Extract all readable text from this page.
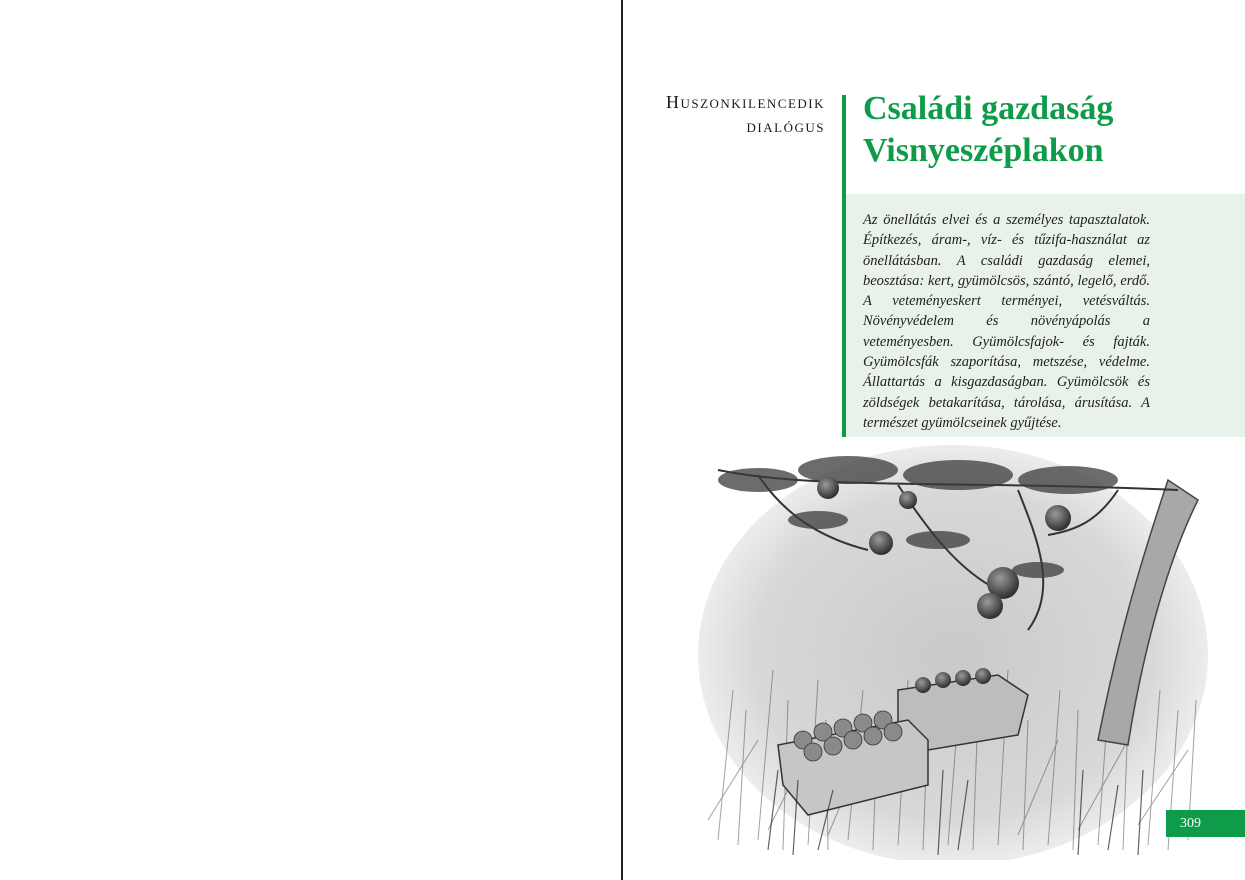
Huszonkilencedik
dialógus Családi gazdaság
Visnyeszéplakon

Az önellátás elvei és a személyes tapasztalatok. Építkezés, áram-, víz- és tűzifa-használat az önellátásban. A családi gazdaság elemei, beosztása: kert, gyümölcsös, szántó, legelő, erdő. A veteményeskert terményei, vetésváltás. Növényvédelem és növényápolás a veteményesben. Gyümölcsfajok- és fajták. Gyümölcsfák szaporítása, metszése, védelme. Állattartás a kisgazdaságban. Gyümölcsök és zöldségek betakarítása, tárolása, árusítása. A természet gyümölcseinek gyűjtése.

309
